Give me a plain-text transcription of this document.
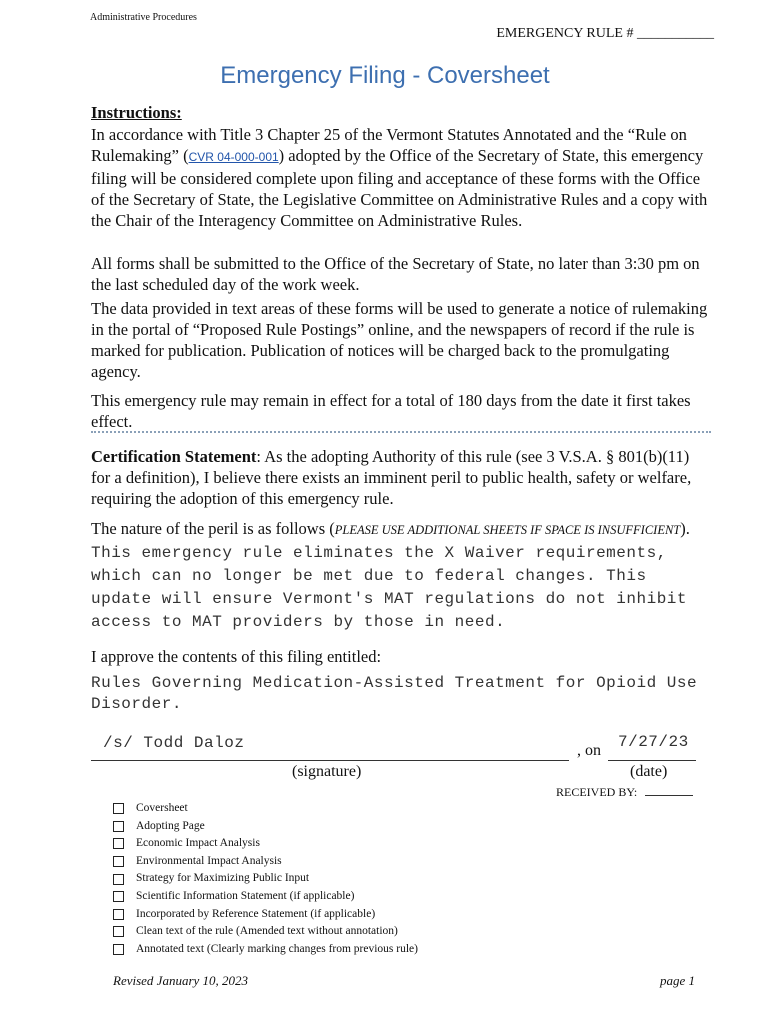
Administrative Procedures
EMERGENCY RULE # ___________
Emergency Filing - Coversheet
Instructions:
In accordance with Title 3 Chapter 25 of the Vermont Statutes Annotated and the “Rule on Rulemaking” (CVR 04-000-001) adopted by the Office of the Secretary of State, this emergency filing will be considered complete upon filing and acceptance of these forms with the Office of the Secretary of State, the Legislative Committee on Administrative Rules and a copy with the Chair of the Interagency Committee on Administrative Rules.
All forms shall be submitted to the Office of the Secretary of State, no later than 3:30 pm on the last scheduled day of the work week.
The data provided in text areas of these forms will be used to generate a notice of rulemaking in the portal of “Proposed Rule Postings” online, and the newspapers of record if the rule is marked for publication. Publication of notices will be charged back to the promulgating agency.
This emergency rule may remain in effect for a total of 180 days from the date it first takes effect.
Certification Statement: As the adopting Authority of this rule (see 3 V.S.A. § 801(b)(11) for a definition), I believe there exists an imminent peril to public health, safety or welfare, requiring the adoption of this emergency rule.
The nature of the peril is as follows (PLEASE USE ADDITIONAL SHEETS IF SPACE IS INSUFFICIENT). This emergency rule eliminates the X Waiver requirements, which can no longer be met due to federal changes. This update will ensure Vermont's MAT regulations do not inhibit access to MAT providers by those in need.
I approve the contents of this filing entitled:
Rules Governing Medication-Assisted Treatment for Opioid Use Disorder.
/s/ Todd Daloz
(signature)
, on 7/27/23
(date)
RECEIVED BY:
Coversheet
Adopting Page
Economic Impact Analysis
Environmental Impact Analysis
Strategy for Maximizing Public Input
Scientific Information Statement (if applicable)
Incorporated by Reference Statement (if applicable)
Clean text of the rule (Amended text without annotation)
Annotated text (Clearly marking changes from previous rule)
Revised January 10, 2023	page 1
